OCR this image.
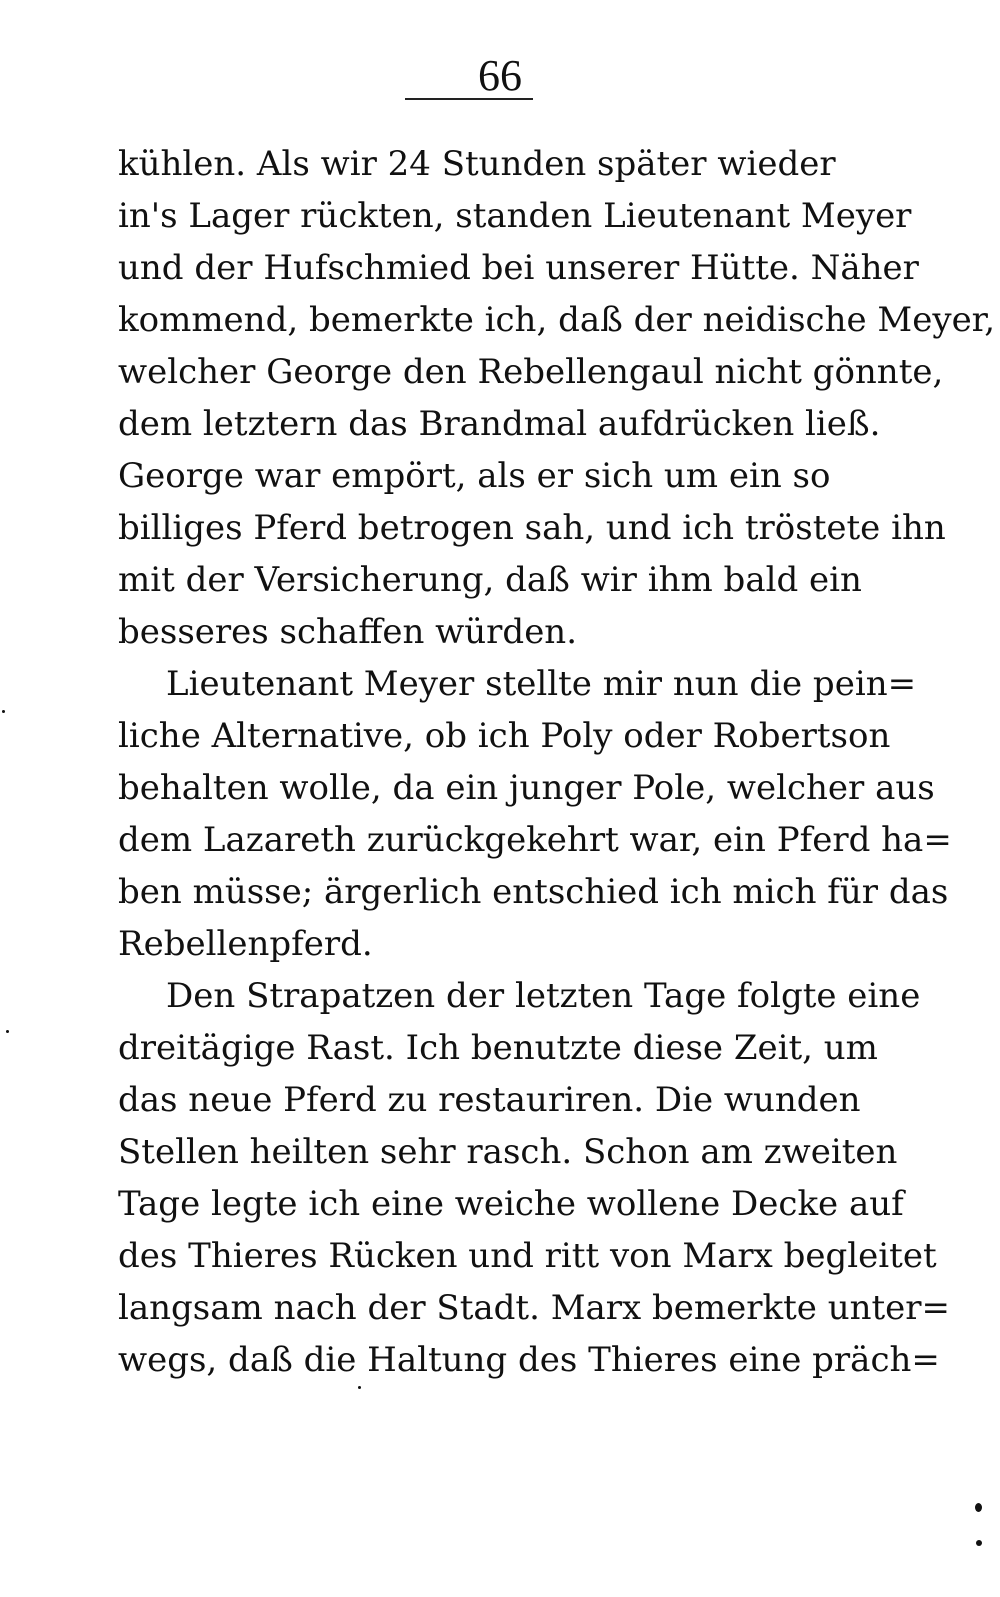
66
kühlen. Als wir 24 Stunden später wieder
in's Lager rückten, standen Lieutenant Meyer
und der Hufschmied bei unserer Hütte. Näher
kommend, bemerkte ich, daß der neidische Meyer,
welcher George den Rebellengaul nicht gönnte,
dem letztern das Brandmal aufdrücken ließ.
George war empört, als er sich um ein so
billiges Pferd betrogen sah, und ich tröstete ihn
mit der Versicherung, daß wir ihm bald ein
besseres schaffen würden.
Lieutenant Meyer stellte mir nun die pein=
liche Alternative, ob ich Poly oder Robertson
behalten wolle, da ein junger Pole, welcher aus
dem Lazareth zurückgekehrt war, ein Pferd ha=
ben müsse; ärgerlich entschied ich mich für das
Rebellenpferd.
Den Strapatzen der letzten Tage folgte eine
dreitägige Rast. Ich benutzte diese Zeit, um
das neue Pferd zu restauriren. Die wunden
Stellen heilten sehr rasch. Schon am zweiten
Tage legte ich eine weiche wollene Decke auf
des Thieres Rücken und ritt von Marx begleitet
langsam nach der Stadt. Marx bemerkte unter=
wegs, daß die Haltung des Thieres eine präch=
